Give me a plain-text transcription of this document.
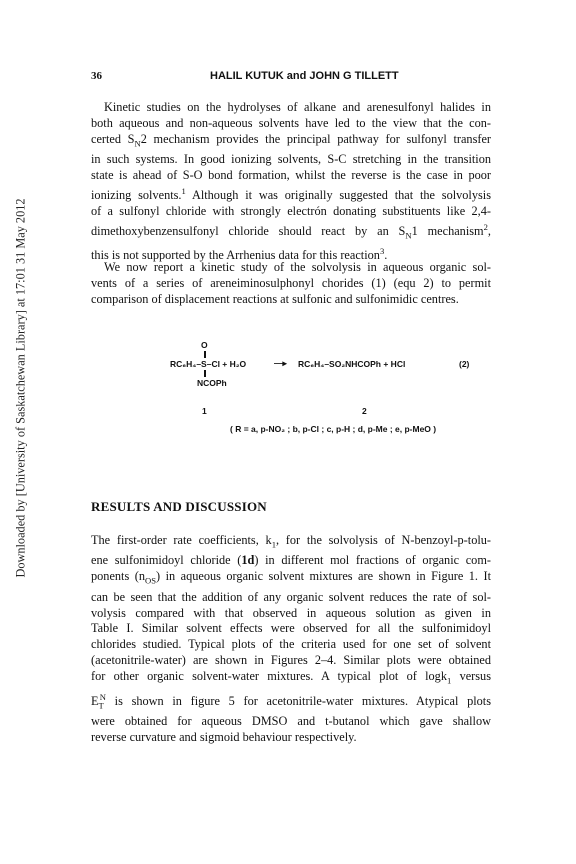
Downloaded by [University of Saskatchewan Library] at 17:01 31 May 2012
36	HALIL KUTUK and JOHN G TILLETT

Kinetic studies on the hydrolyses of alkane and arenesulfonyl halides in
both aqueous and non-aqueous solvents have led to the view that the con-
certed $S_N2$ mechanism provides the principal pathway for sulfonyl transfer
in such systems. In good ionizing solvents, S-C stretching in the transition
state is ahead of S-O bond formation, whilst the reverse is the case in poor
ionizing solvents.$^1$ Although it was originally suggested that the solvolysis
of a sulfonyl chloride with strongly electrón donating substituents like 2,4-
dimethoxybenzensulfonyl chloride should react by an $S_N1$ mechanism$^2$,
this is not supported by the Arrhenius data for this reaction$^3$.

We now report a kinetic study of the solvolysis in aqueous organic sol-
vents of a series of areneiminosulphonyl chorides (1) (equ 2) to permit
comparison of displacement reactions at sulfonic and sulfonimidic centres.

O
RC₆H₄–S–Cl + H₂O	—▸ RC₆H₄–SO₂NHCOPh + HCl	(2)
NCOPh
1	2
( R = a, p-NO₂ ; b, p-Cl ; c, p-H ; d, p-Me ; e, p-MeO )
RESULTS AND DISCUSSION

The first-order rate coefficients, $k_1$, for the solvolysis of N-benzoyl-p-tolu-
ene sulfonimidoyl chloride (1d) in different mol fractions of organic com-
ponents $(n_{OS})$ in aqueous organic solvent mixtures are shown in Figure 1. It
can be seen that the addition of any organic solvent reduces the rate of sol-
volysis compared with that observed in aqueous solution as given in
Table I. Similar solvent effects were observed for all the sulfonimidoyl
chlorides studied. Typical plots of the criteria used for one set of solvent
(acetonitrile-water) are shown in Figures 2–4. Similar plots were obtained
for other organic solvent-water mixtures. A typical plot of logk$_1$ versus
$E_T^N$ is shown in figure 5 for acetonitrile-water mixtures. Atypical plots
were obtained for aqueous DMSO and t-butanol which gave shallow
reverse curvature and sigmoid behaviour respectively.
